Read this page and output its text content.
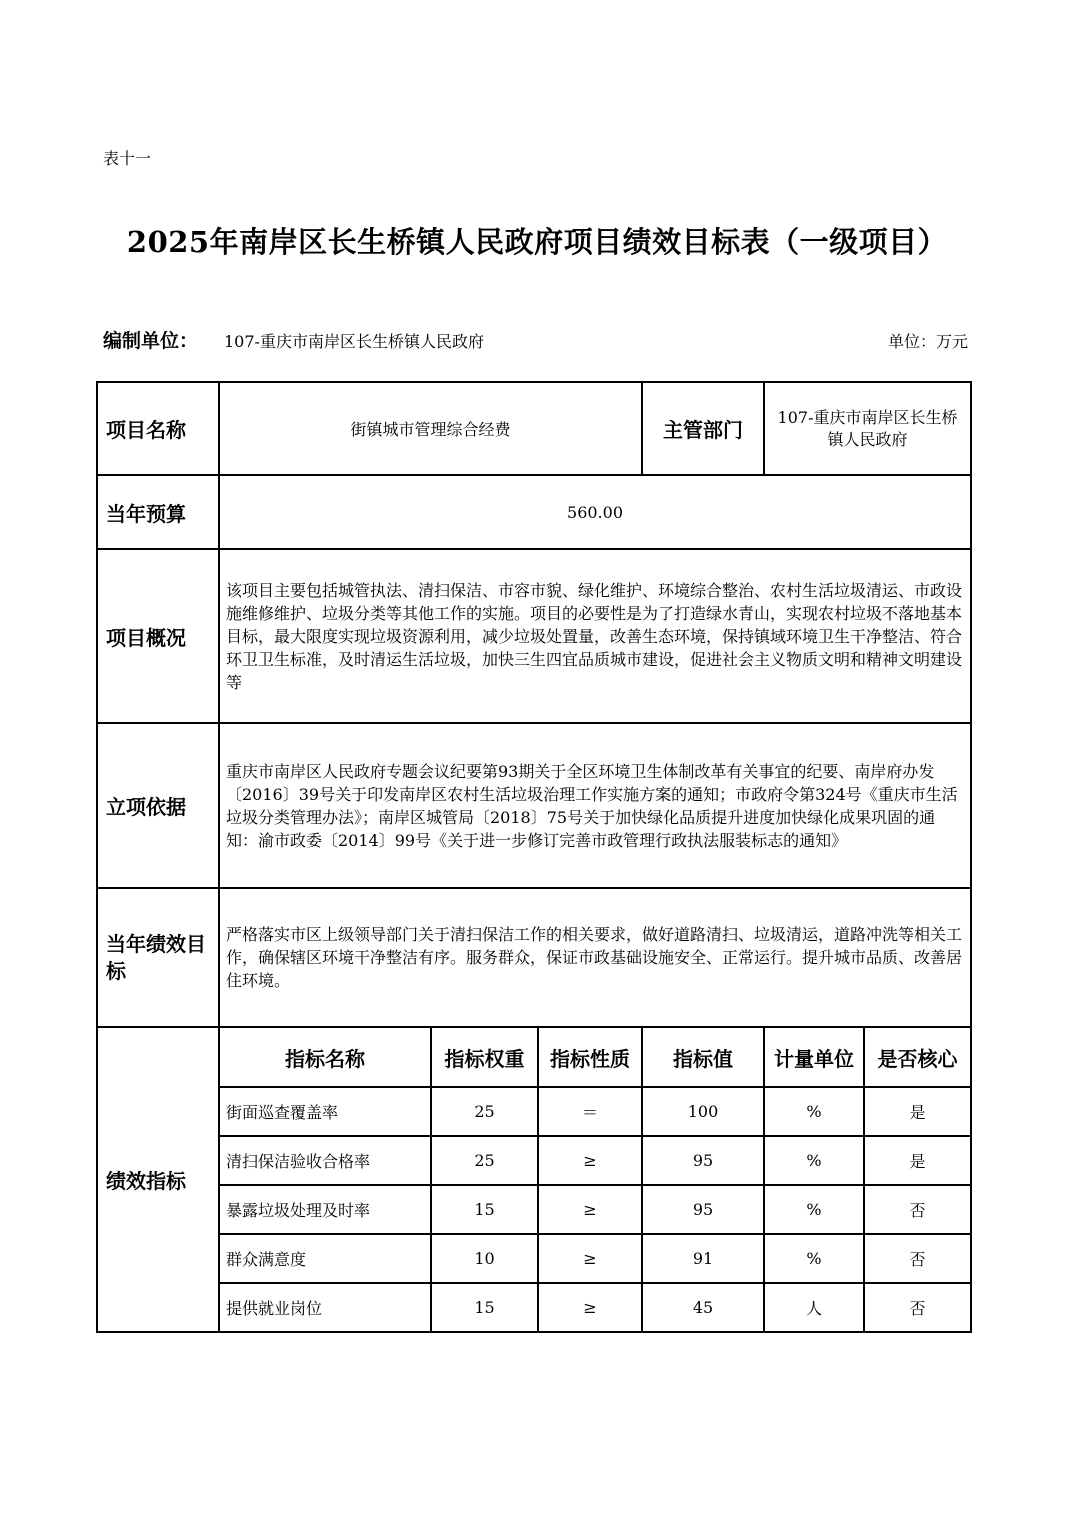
表十一
2025年南岸区长生桥镇人民政府项目绩效目标表（一级项目）
编制单位： 107-重庆市南岸区长生桥镇人民政府	单位：万元
项目名称	街镇城市管理综合经费			主管部门	107-重庆市南岸区长生桥镇人民政府	
当年预算	560.00					
项目概况	该项目主要包括城管执法、清扫保洁、市容市貌、绿化维护、环境综合整治、农村生活垃圾清运、市政设施维修维护、垃圾分类等其他工作的实施。项目的必要性是为了打造绿水青山，实现农村垃圾不落地基本目标，最大限度实现垃圾资源利用，减少垃圾处置量，改善生态环境，保持镇域环境卫生干净整洁、符合环卫卫生标准，及时清运生活垃圾，加快三生四宜品质城市建设，促进社会主义物质文明和精神文明建设等					
立项依据	重庆市南岸区人民政府专题会议纪要第93期关于全区环境卫生体制改革有关事宜的纪要、南岸府办发〔2016〕39号关于印发南岸区农村生活垃圾治理工作实施方案的通知；市政府令第324号《重庆市生活垃圾分类管理办法》；南岸区城管局〔2018〕75号关于加快绿化品质提升进度加快绿化成果巩固的通知：渝市政委〔2014〕99号《关于进一步修订完善市政管理行政执法服装标志的通知》					
当年绩效目标	严格落实市区上级领导部门关于清扫保洁工作的相关要求，做好道路清扫、垃圾清运，道路冲洗等相关工作，确保辖区环境干净整洁有序。服务群众，保证市政基础设施安全、正常运行。提升城市品质、改善居住环境。					
绩效指标	指标名称	指标权重	指标性质	指标值	计量单位	是否核心
	街面巡查覆盖率	25	＝	100	%	是
	清扫保洁验收合格率	25	≥	95	%	是
	暴露垃圾处理及时率	15	≥	95	%	否
	群众满意度	10	≥	91	%	否
	提供就业岗位	15	≥	45	人	否
